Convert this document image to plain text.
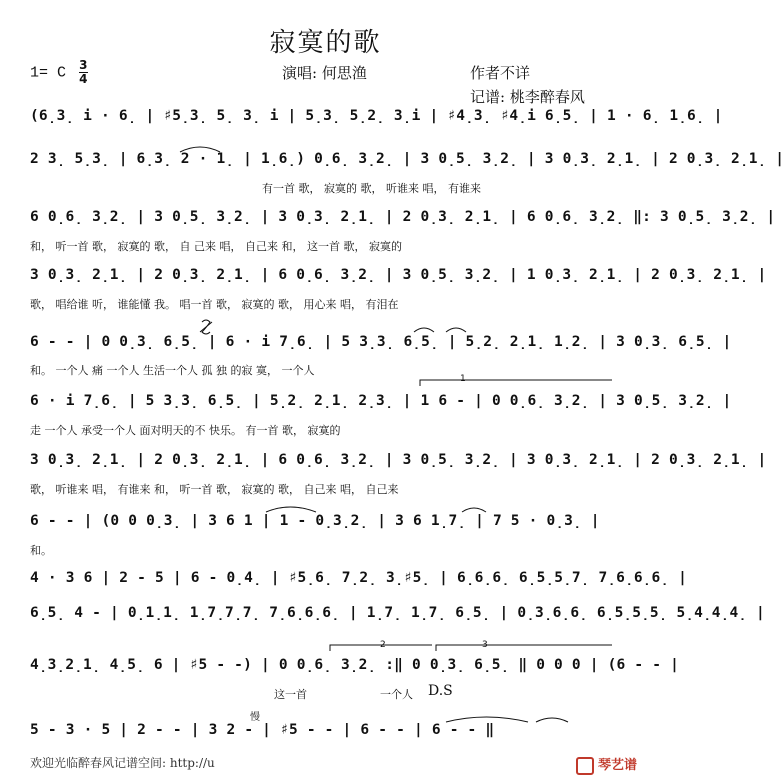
寂寞的歌
1= C $\frac{3}{4}$	演唱: 何思渔	作者不详
记谱: 桃李醉春风
(6̣3̣ i · 6̣ | ♯5̣3̣ 5̣ 3̣ i | 5̣3̣ 5̣2̣ 3̣i | ♯4̣3̣ ♯4̣i 6̣5̣ | 1 · 6̣ 1̣6̣ |
2 3̣ 5̣3̣ | 6̣3̣ 2 · 1̣ | 1̣6̣) 0̣6̣ 3̣2̣ | 3 0̣5̣ 3̣2̣ | 3 0̣3̣ 2̣1̣ | 2 0̣3̣ 2̣1̣ |
有一首 歌， 寂寞的 歌， 听谁来 唱， 有谁来
6 0̣6̣ 3̣2̣ | 3 0̣5̣ 3̣2̣ | 3 0̣3̣ 2̣1̣ | 2 0̣3̣ 2̣1̣ | 6 0̣6̣ 3̣2̣ ‖: 3 0̣5̣ 3̣2̣ |
和， 听一首 歌， 寂寞的 歌， 自 己来 唱， 自己来 和， 这一首 歌， 寂寞的
3 0̣3̣ 2̣1̣ | 2 0̣3̣ 2̣1̣ | 6 0̣6̣ 3̣2̣ | 3 0̣5̣ 3̣2̣ | 1 0̣3̣ 2̣1̣ | 2 0̣3̣ 2̣1̣ |
歌， 唱给谁 听， 谁能懂 我。 唱一首 歌， 寂寞的 歌， 用心来 唱， 有泪在
6 - - | 0 0̣3̣ 6̣5̣ | 6 · i 7̣6̣ | 5 3̣3̣ 6̣5̣ | 5̣2̣ 2̣1̣ 1̣2̣ | 3 0̣3̣ 6̣5̣ |
和。 一个人 痛 一个人 生活一个人 孤 独 的寂 寞， 一个人
6 · i 7̣6̣ | 5 3̣3̣ 6̣5̣ | 5̣2̣ 2̣1̣ 2̣3̣ | 1 6 - | 0 0̣6̣ 3̣2̣ | 3 0̣5̣ 3̣2̣ |
走 一个人 承受一个人 面对明天的不 快乐。 有一首 歌， 寂寞的
3 0̣3̣ 2̣1̣ | 2 0̣3̣ 2̣1̣ | 6 0̣6̣ 3̣2̣ | 3 0̣5̣ 3̣2̣ | 3 0̣3̣ 2̣1̣ | 2 0̣3̣ 2̣1̣ |
歌， 听谁来 唱， 有谁来 和， 听一首 歌， 寂寞的 歌， 自己来 唱， 自己来
6 - - | (0 0 0̣3̣ | 3 6 1 | 1 - 0̣3̣2̣ | 3 6 1̣7̣ | 7 5 · 0̣3̣ |
和。
4 · 3 6 | 2 - 5 | 6 - 0̣4̣ | ♯5̣6̣ 7̣2̣ 3̣♯5̣ | 6̣6̣6̣ 6̣5̣5̣7̣ 7̣6̣6̣6̣ |
6̣5̣ 4 - | 0̣1̣1̣ 1̣7̣7̣7̣ 7̣6̣6̣6̣ | 1̣7̣ 1̣7̣ 6̣5̣ | 0̣3̣6̣6̣ 6̣5̣5̣5̣ 5̣4̣4̣4̣ |
4̣3̣2̣1̣ 4̣5̣ 6 | ♯5 - -) | 0 0̣6̣ 3̣2̣ :‖ 0 0̣3̣ 6̣5̣ ‖ 0 0 0 | (6 - - |
这一首	一个人 D.S
慢
5 - 3 · 5 | 2 - - | 3 2 - | ♯5 - - | 6 - - | 6 - - ‖
1
2	3
欢迎光临醉春风记谱空间: http://u	琴艺谱
